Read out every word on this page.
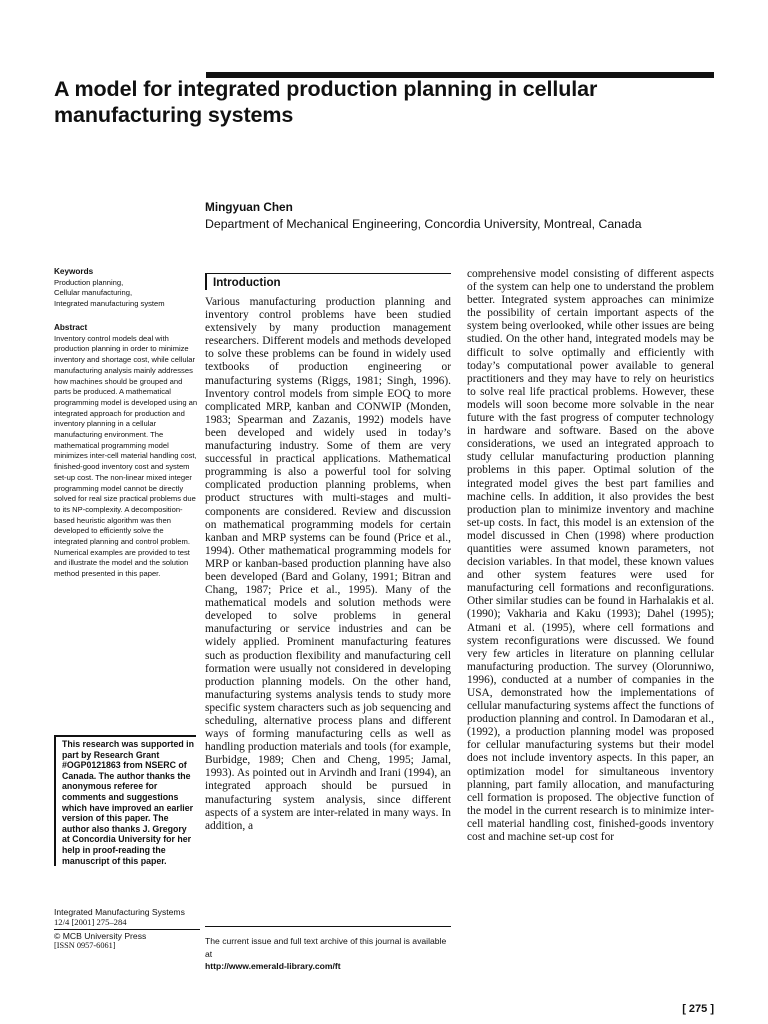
A model for integrated production planning in cellular manufacturing systems
Mingyuan Chen
Department of Mechanical Engineering, Concordia University, Montreal, Canada
Keywords
Production planning,
Cellular manufacturing,
Integrated manufacturing system
Abstract
Inventory control models deal with production planning in order to minimize inventory and shortage cost, while cellular manufacturing analysis mainly addresses how machines should be grouped and parts be produced. A mathematical programming model is developed using an integrated approach for production and inventory planning in a cellular manufacturing environment. The mathematical programming model minimizes inter-cell material handling cost, finished-good inventory cost and system set-up cost. The non-linear mixed integer programming model cannot be directly solved for real size practical problems due to its NP-complexity. A decomposition-based heuristic algorithm was then developed to efficiently solve the integrated planning and control problem. Numerical examples are provided to test and illustrate the model and the solution method presented in this paper.
This research was supported in part by Research Grant #OGP0121863 from NSERC of Canada. The author thanks the anonymous referee for comments and suggestions which have improved an earlier version of this paper. The author also thanks J. Gregory at Concordia University for her help in proof-reading the manuscript of this paper.
Integrated Manufacturing Systems
12/4 [2001] 275–284
© MCB University Press
[ISSN 0957-6061]
Introduction

Various manufacturing production planning and inventory control problems have been studied extensively by many production management researchers. Different models and methods developed to solve these problems can be found in widely used textbooks of production engineering or manufacturing systems (Riggs, 1981; Singh, 1996). Inventory control models from simple EOQ to more complicated MRP, kanban and CONWIP (Monden, 1983; Spearman and Zazanis, 1992) models have been developed and widely used in today’s manufacturing industry. Some of them are very successful in practical applications. Mathematical programming is also a powerful tool for solving complicated production planning problems, when product structures with multi-stages and multi-components are considered. Review and discussion on mathematical programming models for certain kanban and MRP systems can be found (Price et al., 1994). Other mathematical programming models for MRP or kanban-based production planning have also been developed (Bard and Golany, 1991; Bitran and Chang, 1987; Price et al., 1995). Many of the mathematical models and solution methods were developed to solve problems in general manufacturing or service industries and can be widely applied. Prominent manufacturing features such as production flexibility and manufacturing cell formation were usually not considered in developing production planning models. On the other hand, manufacturing systems analysis tends to study more specific system characters such as job sequencing and scheduling, alternative process plans and different ways of forming manufacturing cells as well as handling production materials and tools (for example, Burbidge, 1989; Chen and Cheng, 1995; Jamal, 1993). As pointed out in Arvindh and Irani (1994), an integrated approach should be pursued in manufacturing system analysis, since different aspects of a system are inter-related in many ways. In addition, a

comprehensive model consisting of different aspects of the system can help one to understand the problem better. Integrated system approaches can minimize the possibility of certain important aspects of the system being overlooked, while other issues are being studied. On the other hand, integrated models may be difficult to solve optimally and efficiently with today’s computational power available to general practitioners and they may have to rely on heuristics to solve real life practical problems. However, these models will soon become more solvable in the near future with the fast progress of computer technology in hardware and software. Based on the above considerations, we used an integrated approach to study cellular manufacturing production planning problems in this paper. Optimal solution of the integrated model gives the best part families and machine cells. In addition, it also provides the best production plan to minimize inventory and machine set-up costs. In fact, this model is an extension of the model discussed in Chen (1998) where production quantities were assumed known parameters, not decision variables. In that model, these known values and other system features were used for manufacturing cell formations and reconfigurations. Other similar studies can be found in Harhalakis et al. (1990); Vakharia and Kaku (1993); Dahel (1995); Atmani et al. (1995), where cell formations and system reconfigurations were discussed. We found very few articles in literature on planning cellular manufacturing production. The survey (Olorunniwo, 1996), conducted at a number of companies in the USA, demonstrated how the implementations of cellular manufacturing systems affect the functions of production planning and control. In Damodaran et al., (1992), a production planning model was proposed for cellular manufacturing systems but their model does not include inventory aspects. In this paper, an optimization model for simultaneous inventory planning, part family allocation, and manufacturing cell formation is proposed. The objective function of the model in the current research is to minimize inter-cell material handling cost, finished-goods inventory cost and machine set-up cost for

The current issue and full text archive of this journal is available at
http://www.emerald-library.com/ft
[ 275 ]
